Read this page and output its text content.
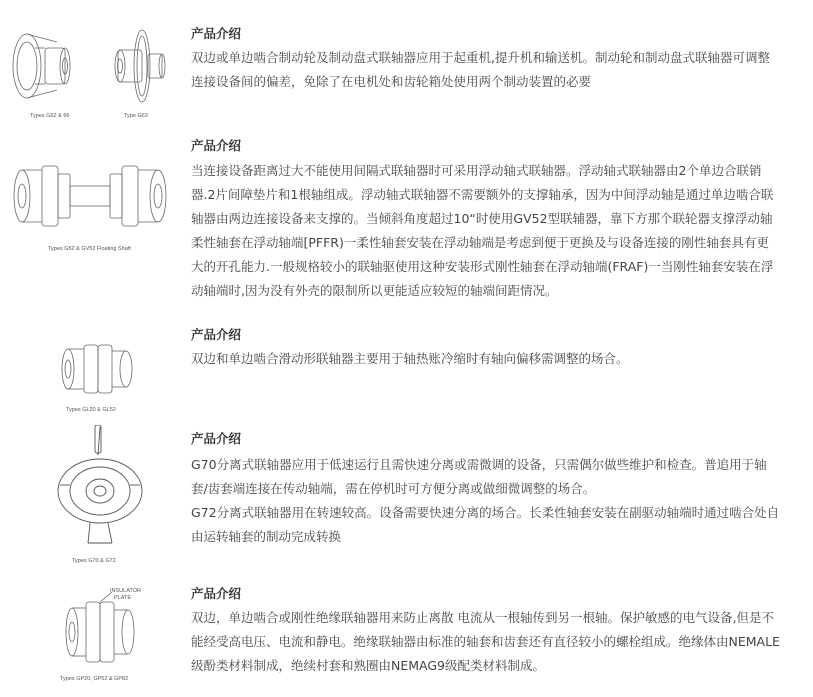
Types G62 & 66	Type G63
产品介绍

双边或单边啮合制动轮及制动盘式联轴器应用于起重机,提升机和输送机。制动轮和制动盘式联轴器可调整连接设备间的偏差，免除了在电机处和齿轮箱处使用两个制动装置的必要

Types G52 & GV52 Floating Shaft
产品介绍

当连接设备距离过大不能使用间隔式联轴器时可采用浮动轴式联轴器。浮动轴式联轴器由2个单边合联销器.2片间障垫片和1根轴组成。浮动轴式联轴器不需要额外的支撑轴承，因为中间浮动轴是通过单边啮合联轴器由两边连接设备来支撑的。当倾斜角度超过10“时使用GV52型联辅器，靠下方那个联轮器支撑浮动轴柔性轴套在浮动轴端[PFFR)一柔性轴套安装在浮动轴端是考虑到便于更换及与设备连接的刚性轴套具有更大的开孔能力.一般规格较小的联轴驱使用这种安装形式刚性轴套在浮动轴端(FRAF)一当刚性轴套安装在浮动轴端时,因为没有外壳的限制所以更能适应较短的轴端间距情况。

Types GL20 & GL52
产品介绍

双边和单边啮合滑动形联轴器主要用于轴热账冷缩时有轴向偏移需调整的场合。

Types G70 & G72
产品介绍

G70分离式联轴器应用于低速运行且需快速分离或需微调的设备，只需偶尔做些维护和检查。普追用于轴套/齿套端连接在传动轴端，需在停机时可方便分离或做细微调整的场合。

G72分离式联轴器用在转速较高。设备需要快速分离的场合。长柔性轴套安装在副驱动轴端时通过啮合处自由运转轴套的制动完成转换

INSULATOR
PLATE
Types GP20, GP52 & GP82
产品介绍

双边，单边啮合或刚性绝缘联轴器用来防止离散 电流从一根轴传到另一根轴。保护敏感的电气设备,但是不能经受高电压、电流和静电。绝缘联轴器由标准的轴套和齿套还有直径较小的螺栓组成。绝缘体由NEMALE级酚类材料制成，绝续村套和熟圈由NEMAG9级配类材料制成。
